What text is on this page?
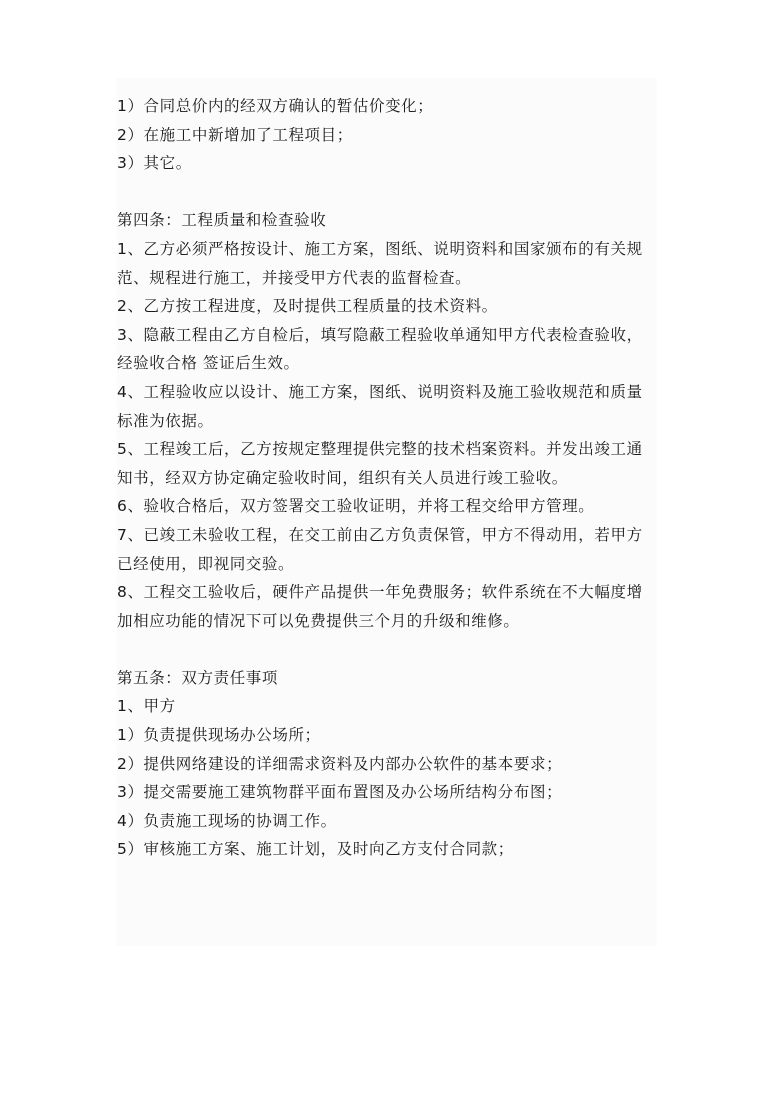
1）合同总价内的经双方确认的暂估价变化；
2）在施工中新增加了工程项目；
3）其它。
第四条：工程质量和检查验收
1、乙方必须严格按设计、施工方案，图纸、说明资料和国家颁布的有关规
范、规程进行施工，并接受甲方代表的监督检查。
2、乙方按工程进度，及时提供工程质量的技术资料。
3、隐蔽工程由乙方自检后，填写隐蔽工程验收单通知甲方代表检查验收，
经验收合格 签证后生效。
4、工程验收应以设计、施工方案，图纸、说明资料及施工验收规范和质量
标准为依据。
5、工程竣工后，乙方按规定整理提供完整的技术档案资料。并发出竣工通
知书，经双方协定确定验收时间，组织有关人员进行竣工验收。
6、验收合格后，双方签署交工验收证明，并将工程交给甲方管理。
7、已竣工未验收工程，在交工前由乙方负责保管，甲方不得动用，若甲方
已经使用，即视同交验。
8、工程交工验收后，硬件产品提供一年免费服务；软件系统在不大幅度增
加相应功能的情况下可以免费提供三个月的升级和维修。
第五条：双方责任事项
1、甲方
1）负责提供现场办公场所；
2）提供网络建设的详细需求资料及内部办公软件的基本要求；
3）提交需要施工建筑物群平面布置图及办公场所结构分布图；
4）负责施工现场的协调工作。
5）审核施工方案、施工计划，及时向乙方支付合同款；
